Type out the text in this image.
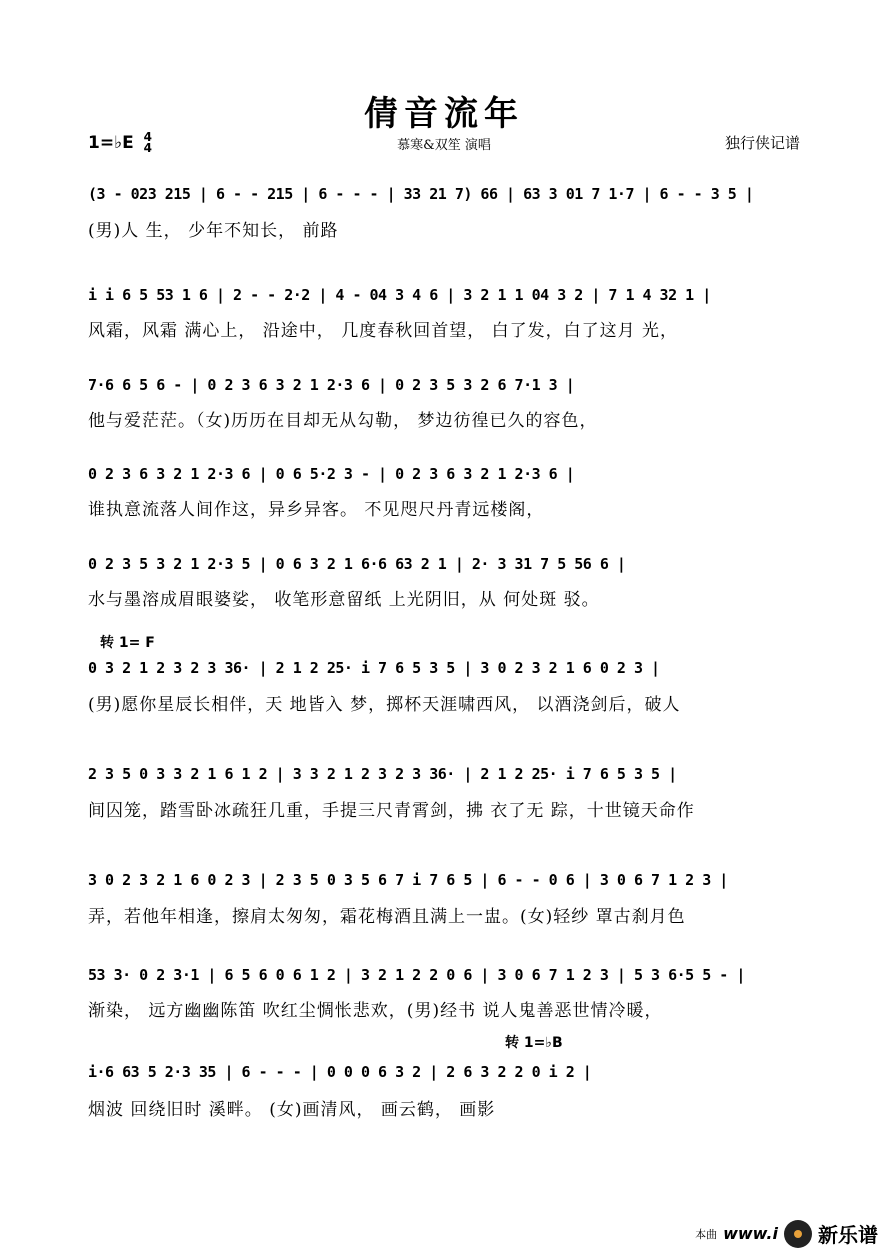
倩音流年
1=♭E 4
4	慕寒&双笙 演唱	独行侠记谱
(3 - 023 215 | 6 - - 215 | 6 - - - | 33 21 7) 66 | 63 3 01 7 1·7 | 6 - - 3 5 |
(男)人 生， 少年不知长， 前路
i i 6 5 53 1 6 | 2 - - 2·2 | 4 - 04 3 4 6 | 3 2 1 1 04 3 2 | 7 1 4 32 1 |
风霜，风霜 满心上， 沿途中， 几度春秋回首望， 白了发，白了这月 光，
7·6 6 5 6 - | 0 2 3 6 3 2 1 2·3 6 | 0 2 3 5 3 2 6 7·1 3 |
他与爱茫茫。（女)历历在目却无从勾勒， 梦边彷徨已久的容色，
0 2 3 6 3 2 1 2·3 6 | 0 6 5·2 3 - | 0 2 3 6 3 2 1 2·3 6 |
谁执意流落人间作这，异乡异客。 不见咫尺丹青远楼阁，
0 2 3 5 3 2 1 2·3 5 | 0 6 3 2 1 6·6 63 2 1 | 2· 3 31 7 5 56 6 |
水与墨溶成眉眼婆娑， 收笔形意留纸 上光阴旧，从 何处斑 驳。
转 1= F
0 3 2 1 2 3 2 3 36· | 2 1 2 25· i 7 6 5 3 5 | 3 0 2 3 2 1 6 0 2 3 |
(男)愿你星辰长相伴，天 地皆入 梦，掷杯天涯啸西风， 以酒浇剑后，破人
2 3 5 0 3 3 2 1 6 1 2 | 3 3 2 1 2 3 2 3 36· | 2 1 2 25· i 7 6 5 3 5 |
间囚笼，踏雪卧冰疏狂几重，手提三尺青霄剑，拂 衣了无 踪，十世镜天命作
3 0 2 3 2 1 6 0 2 3 | 2 3 5 0 3 5 6 7 i 7 6 5 | 6 - - 0 6 | 3 0 6 7 1 2 3 |
弄，若他年相逢，擦肩太匆匆，霜花梅酒且满上一盅。(女)轻纱 罩古刹月色
53 3· 0 2 3·1 | 6 5 6 0 6 1 2 | 3 2 1 2 2 0 6 | 3 0 6 7 1 2 3 | 5 3 6·5 5 - |
渐染， 远方幽幽陈笛 吹红尘惆怅悲欢，(男)经书 说人鬼善恶世情冷暖，
转 1=♭B
i·6 63 5 2·3 35 | 6 - - - | 0 0 0 6 3 2 | 2 6 3 2 2 0 i 2 |
烟波 回绕旧时 溪畔。 (女)画清风， 画云鹤， 画影
本曲 www.i 新乐谱
